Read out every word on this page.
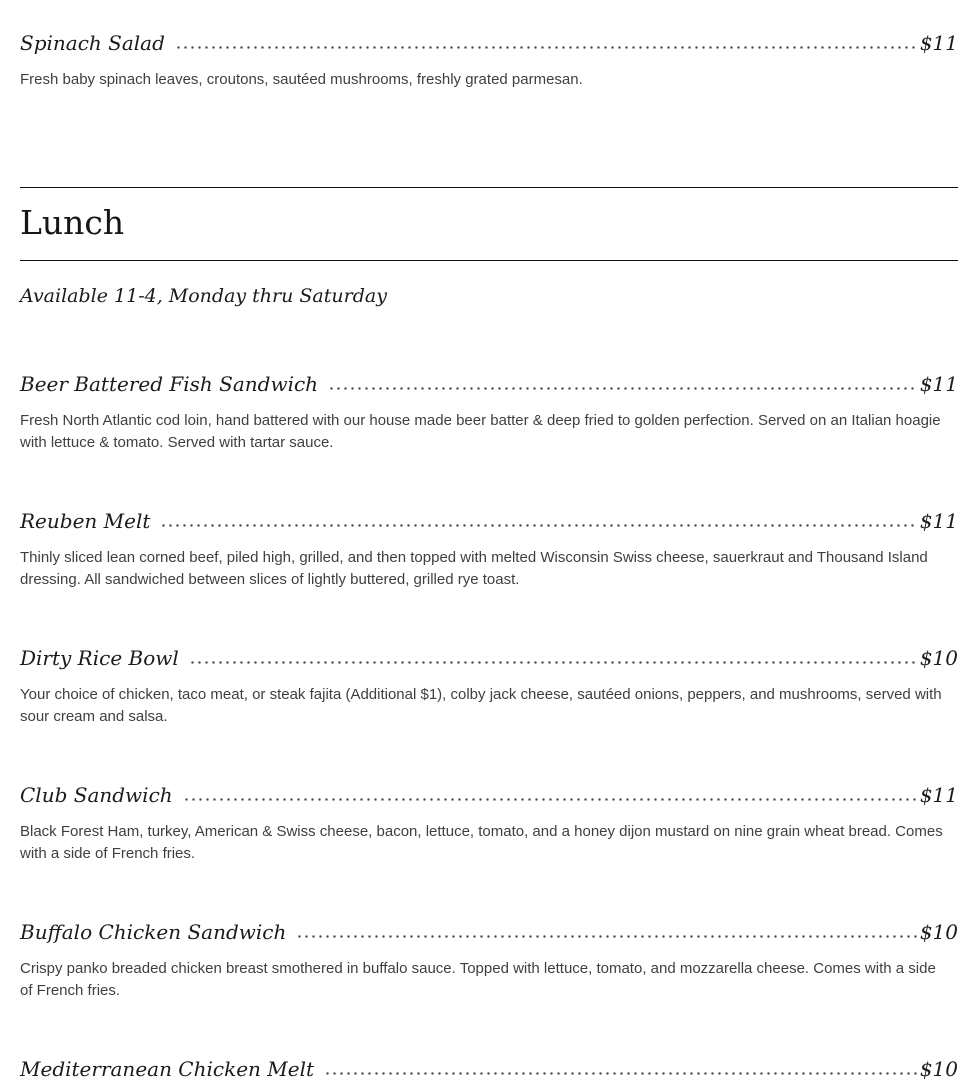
Spinach Salad	$11

Fresh baby spinach leaves, croutons, sautéed mushrooms, freshly grated parmesan.

Lunch

Available 11-4, Monday thru Saturday

Beer Battered Fish Sandwich	$11

Fresh North Atlantic cod loin, hand battered with our house made beer batter & deep fried to golden perfection. Served on an Italian hoagie with lettuce & tomato. Served with tartar sauce.

Reuben Melt	$11

Thinly sliced lean corned beef, piled high, grilled, and then topped with melted Wisconsin Swiss cheese, sauerkraut and Thousand Island dressing. All sandwiched between slices of lightly buttered, grilled rye toast.

Dirty Rice Bowl	$10

Your choice of chicken, taco meat, or steak fajita (Additional $1), colby jack cheese, sautéed onions, peppers, and mushrooms, served with sour cream and salsa.

Club Sandwich	$11

Black Forest Ham, turkey, American & Swiss cheese, bacon, lettuce, tomato, and a honey dijon mustard on nine grain wheat bread. Comes with a side of French fries.

Buffalo Chicken Sandwich	$10

Crispy panko breaded chicken breast smothered in buffalo sauce. Topped with lettuce, tomato, and mozzarella cheese. Comes with a side of French fries.

Mediterranean Chicken Melt	$10
